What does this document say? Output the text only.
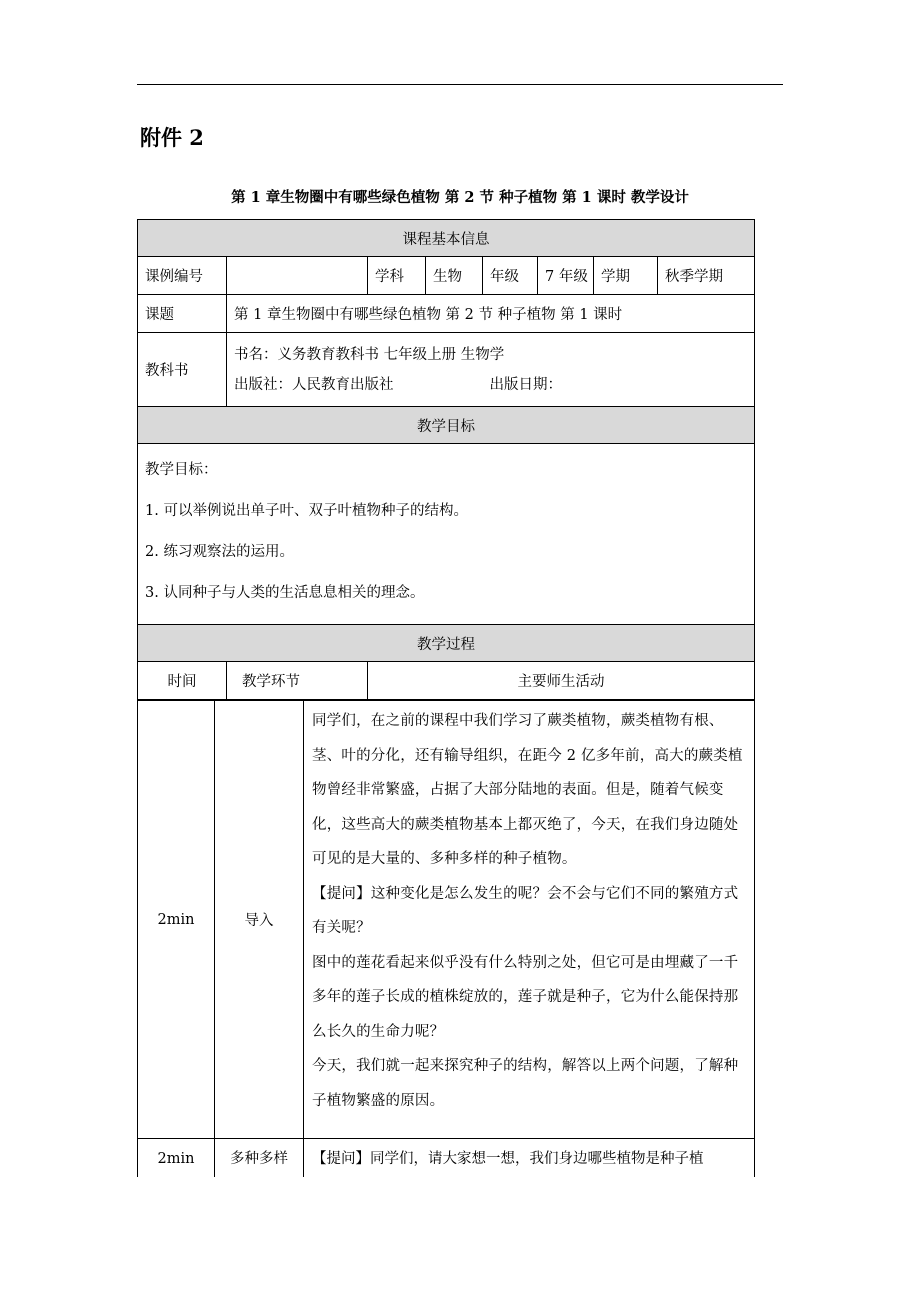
附件 2
第 1 章生物圈中有哪些绿色植物 第 2 节 种子植物 第 1 课时 教学设计
课程基本信息							
课例编号		学科	生物	年级	7 年级	学期	秋季学期
课题	第 1 章生物圈中有哪些绿色植物 第 2 节 种子植物 第 1 课时						
教科书	书名：义务教育教科书 七年级上册 生物学

出版社：人民教育出版社 出版日期：						

教学目标							

教学目标：

1. 可以举例说出单子叶、双子叶植物种子的结构。

2. 练习观察法的运用。

3. 认同种子与人类的生活息息相关的理念。							

教学过程							
时间	教学环节	主要师生活动					
2min	导入	同学们，在之前的课程中我们学习了蕨类植物，蕨类植物有根、茎、叶的分化，还有输导组织，在距今 2 亿多年前，高大的蕨类植物曾经非常繁盛，占据了大部分陆地的表面。但是，随着气候变化，这些高大的蕨类植物基本上都灭绝了，今天，在我们身边随处可见的是大量的、多种多样的种子植物。

【提问】这种变化是怎么发生的呢？会不会与它们不同的繁殖方式有关呢？

图中的莲花看起来似乎没有什么特别之处，但它可是由埋藏了一千多年的莲子长成的植株绽放的，莲子就是种子，它为什么能保持那么长久的生命力呢？

今天，我们就一起来探究种子的结构，解答以上两个问题，了解种子植物繁盛的原因。

2min	多种多样	【提问】同学们，请大家想一想，我们身边哪些植物是种子植
